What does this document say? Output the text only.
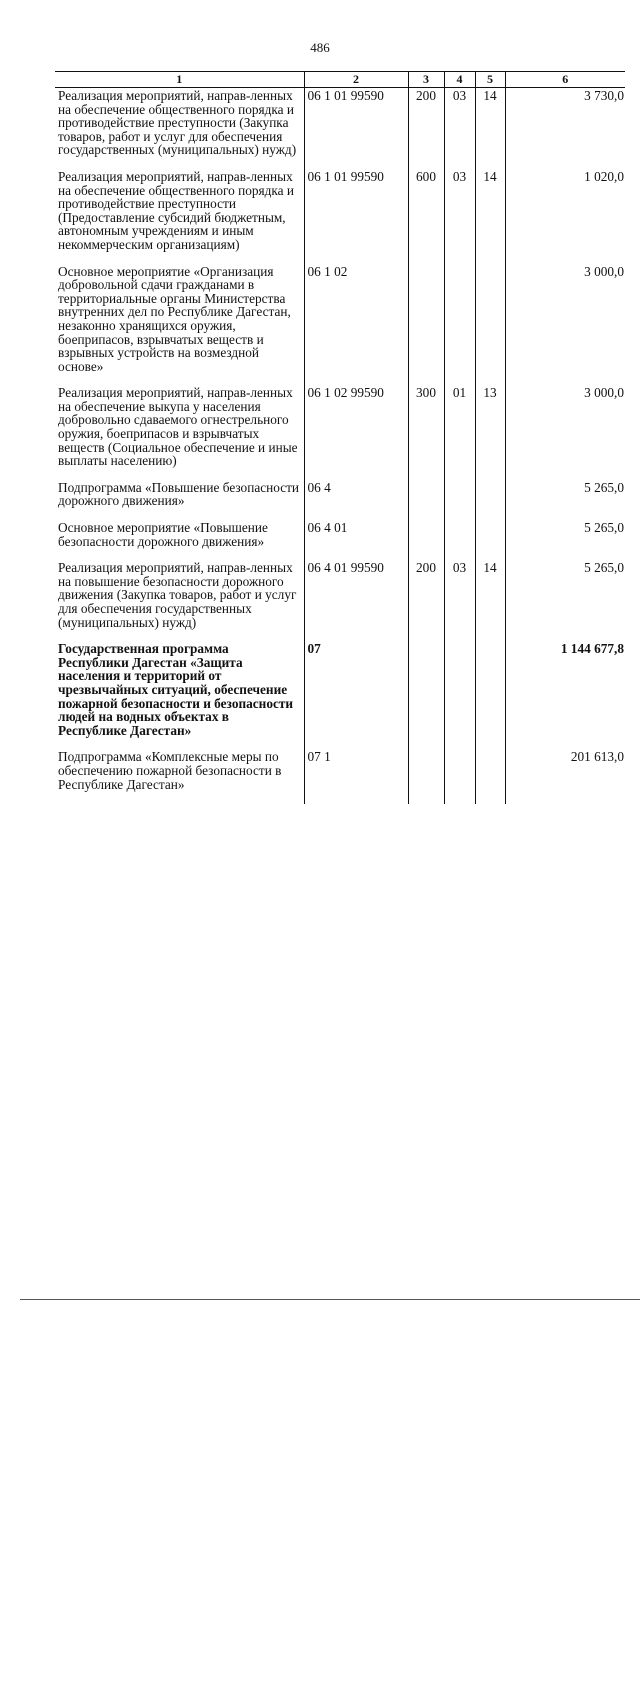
486
1	2	3	4	5	6
Реализация мероприятий, направ-ленных на обеспечение общественного порядка и противодействие преступности (Закупка товаров, работ и услуг для обеспечения государственных (муниципальных) нужд)	06 1 01 99590	200	03	14	3 730,0
Реализация мероприятий, направ-ленных на обеспечение общественного порядка и противодействие преступности (Предоставление субсидий бюджетным, автономным учреждениям и иным некоммерческим организациям)	06 1 01 99590	600	03	14	1 020,0
Основное мероприятие «Организация добровольной сдачи гражданами в территориальные органы Министерства внутренних дел по Республике Дагестан, незаконно хранящихся оружия, боеприпасов, взрывчатых веществ и взрывных устройств на возмездной основе»	06 1 02				3 000,0
Реализация мероприятий, направ-ленных на обеспечение выкупа у населения добровольно сдаваемого огнестрельного оружия, боеприпасов и взрывчатых веществ (Социальное обеспечение и иные выплаты населению)	06 1 02 99590	300	01	13	3 000,0
Подпрограмма «Повышение безопасности дорожного движения»	06 4				5 265,0
Основное мероприятие «Повышение безопасности дорожного движения»	06 4 01				5 265,0
Реализация мероприятий, направ-ленных на повышение безопасности дорожного движения (Закупка товаров, работ и услуг для обеспечения государственных (муниципальных) нужд)	06 4 01 99590	200	03	14	5 265,0
Государственная программа Республики Дагестан «Защита населения и территорий от чрезвычайных ситуаций, обеспечение пожарной безопасности и безопасности людей на водных объектах в Республике Дагестан»	07				1 144 677,8
Подпрограмма «Комплексные меры по обеспечению пожарной безопасности в Республике Дагестан»	07 1				201 613,0
